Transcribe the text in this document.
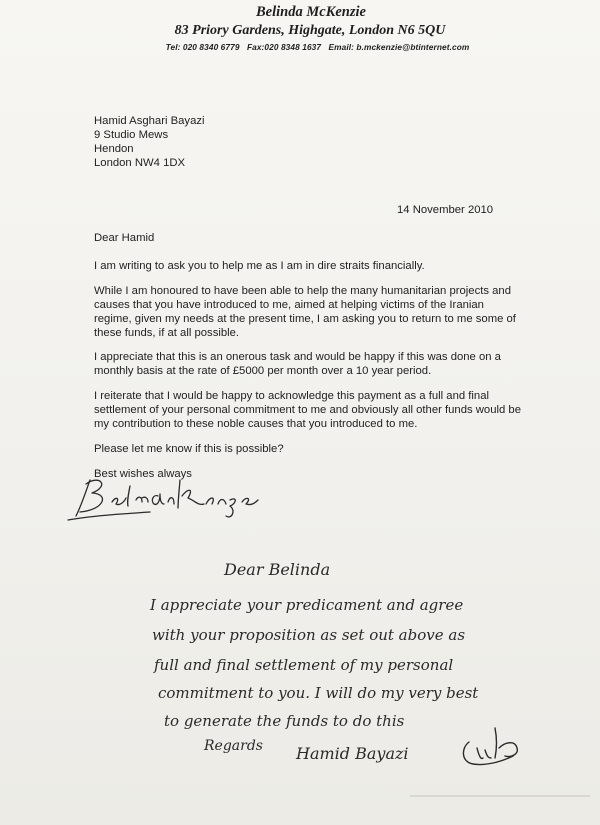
Belinda McKenzie
83 Priory Gardens, Highgate, London N6 5QU
Tel: 020 8340 6779 Fax:020 8348 1637 Email: b.mckenzie@btinternet.com
Hamid Asghari Bayazi
9 Studio Mews
Hendon
London NW4 1DX
14 November 2010

Dear Hamid

I am writing to ask you to help me as I am in dire straits financially.

While I am honoured to have been able to help the many humanitarian projects and causes that you have introduced to me, aimed at helping victims of the Iranian regime, given my needs at the present time, I am asking you to return to me some of these funds, if at all possible.

I appreciate that this is an onerous task and would be happy if this was done on a monthly basis at the rate of £5000 per month over a 10 year period.

I reiterate that I would be happy to acknowledge this payment as a full and final settlement of your personal commitment to me and obviously all other funds would be my contribution to these noble causes that you introduced to me.

Please let me know if this is possible?

Best wishes always

Dear Belinda
I appreciate your predicament and agree
with your proposition as set out above as
full and final settlement of my personal
commitment to you. I will do my very best
to generate the funds to do this
Regards Hamid Bayazi
